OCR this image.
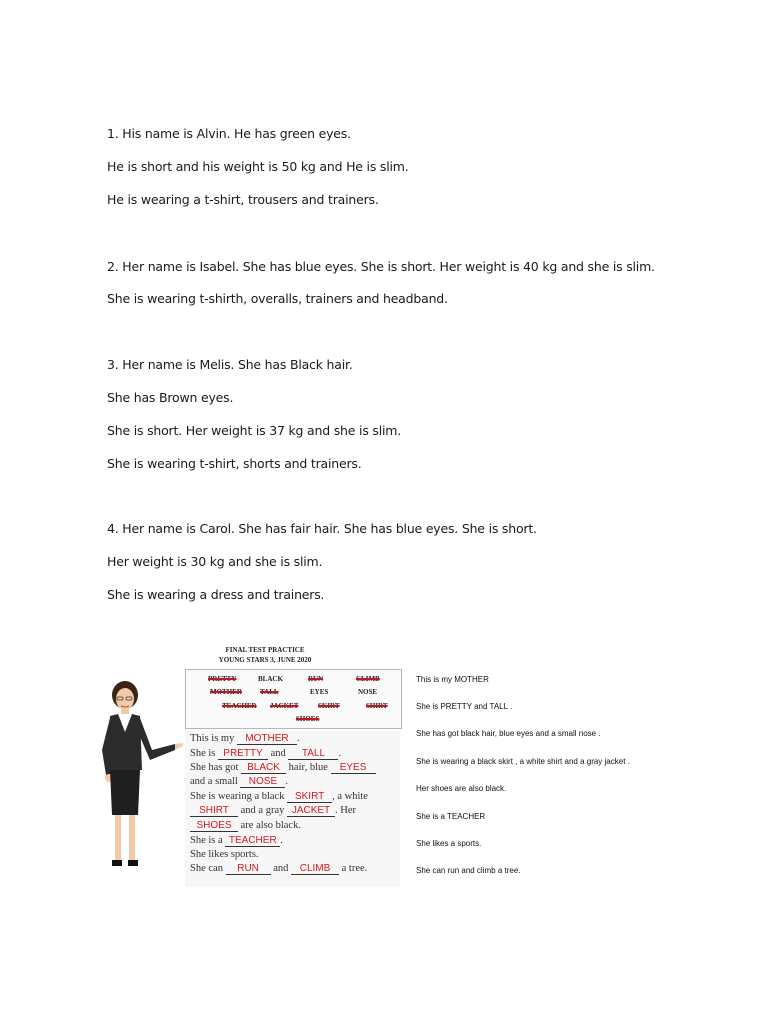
1. His name is Alvin. He has green eyes.
He is short and his weight is 50 kg and He is slim.
He is wearing a t-shirt, trousers and trainers.
2. Her name is Isabel. She has blue eyes. She is short. Her weight is 40 kg and she is slim.
She is wearing t-shirth, overalls, trainers and headband.
3. Her name is Melis. She has Black hair.
She has Brown eyes.
She is short. Her weight is 37 kg and she is slim.
She is wearing t-shirt, shorts and trainers.
4. Her name is Carol. She has fair hair. She has blue eyes. She is short.
Her weight is 30 kg and she is slim.
She is wearing a dress and trainers.
FINAL TEST PRACTICE
YOUNG STARS 3, JUNE 2020
PRETTY	BLACK	RUN	CLIMB
MOTHER	TALL	EYES	NOSE
TEACHER JACKET	SKIRT	SHIRT
SHOES
This is my MOTHER .
She is PRETTY and TALL .
She has got BLACK hair, blue EYES
and a small NOSE .
She is wearing a black SKIRT , a white
SHIRT and a gray JACKET . Her
SHOES are also black.
She is a TEACHER .
She likes sports.
She can RUN and CLIMB a tree.
This is my MOTHER
She is PRETTY and TALL .
She has got black hair, blue eyes and a small nose .
She is wearing a black skirt , a white shirt and a gray jacket .
Her shoes are also black.
She is a TEACHER
She likes a sports.
She can run and climb a tree.
